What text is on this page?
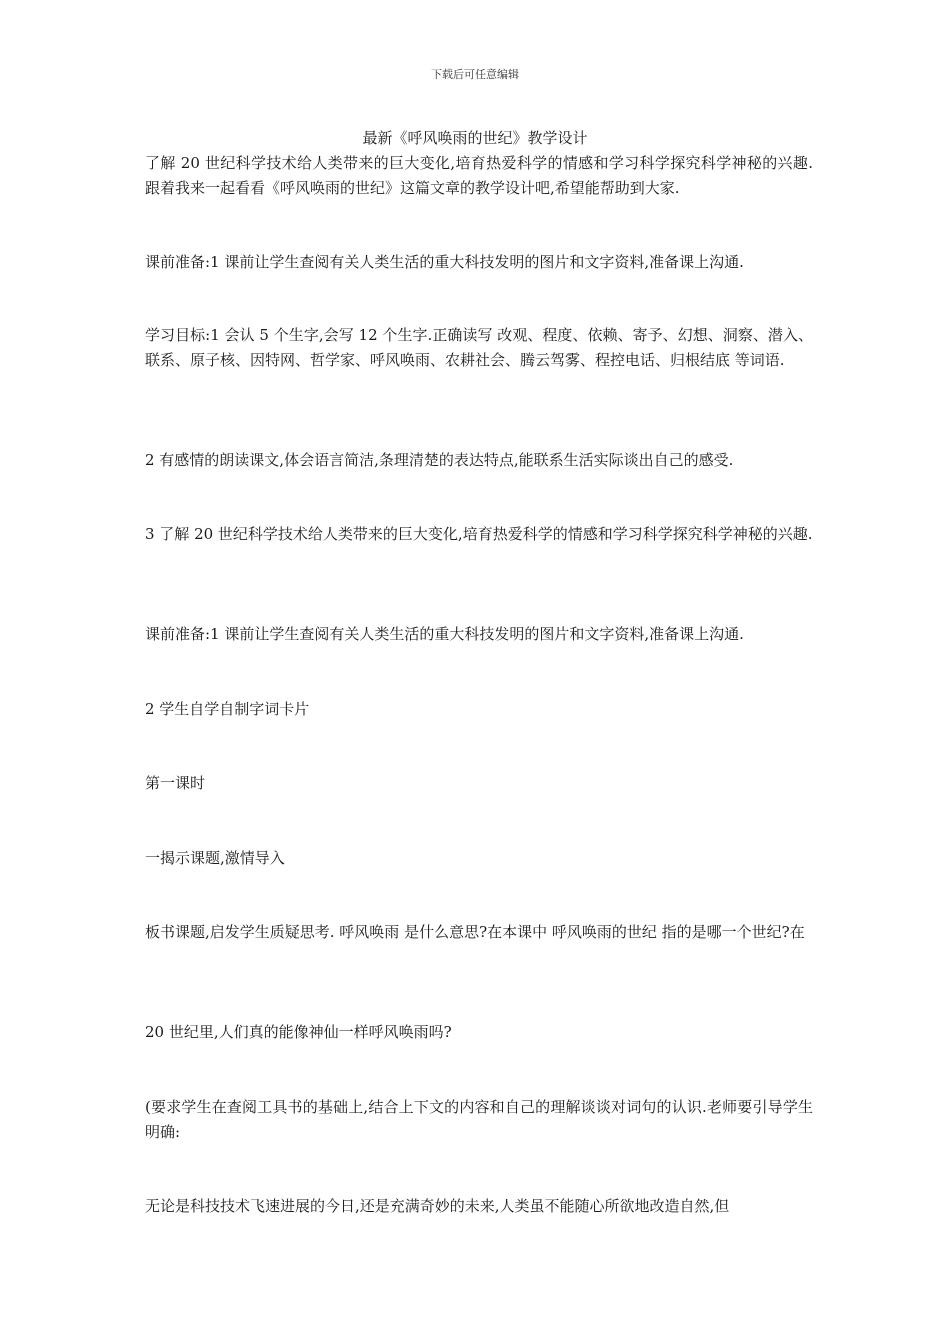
下载后可任意编辑
最新《呼风唤雨的世纪》教学设计

了解 20 世纪科学技术给人类带来的巨大变化,培育热爱科学的情感和学习科学探究科学神秘的兴趣.跟着我来一起看看《呼风唤雨的世纪》这篇文章的教学设计吧,希望能帮助到大家.

课前准备:1 课前让学生查阅有关人类生活的重大科技发明的图片和文字资料,准备课上沟通.

学习目标:1 会认 5 个生字,会写 12 个生字.正确读写 改观、程度、依赖、寄予、幻想、洞察、潜入、联系、原子核、因特网、哲学家、呼风唤雨、农耕社会、腾云驾雾、程控电话、归根结底 等词语.

2 有感情的朗读课文,体会语言简洁,条理清楚的表达特点,能联系生活实际谈出自己的感受.

3 了解 20 世纪科学技术给人类带来的巨大变化,培育热爱科学的情感和学习科学探究科学神秘的兴趣.

课前准备:1 课前让学生查阅有关人类生活的重大科技发明的图片和文字资料,准备课上沟通.

2 学生自学自制字词卡片

第一课时

一揭示课题,激情导入

板书课题,启发学生质疑思考. 呼风唤雨 是什么意思?在本课中 呼风唤雨的世纪 指的是哪一个世纪?在

20 世纪里,人们真的能像神仙一样呼风唤雨吗?

(要求学生在查阅工具书的基础上,结合上下文的内容和自己的理解谈谈对词句的认识.老师要引导学生明确:

无论是科技技术飞速进展的今日,还是充满奇妙的未来,人类虽不能随心所欲地改造自然,但
